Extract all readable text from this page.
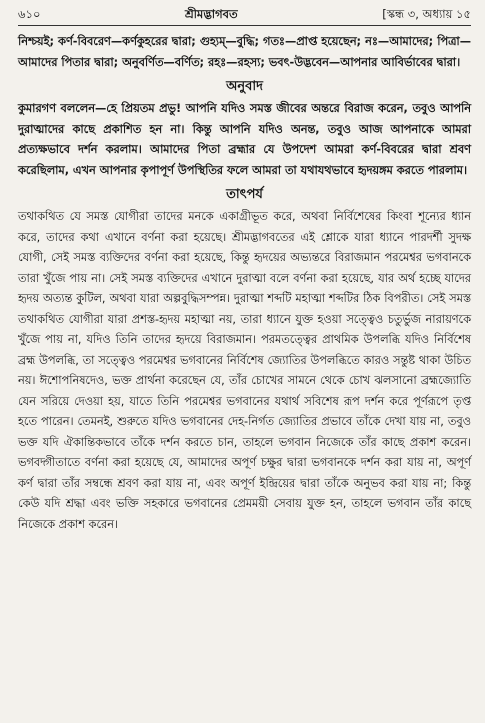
৬১০	শ্রীমদ্ভাগবত	[স্কন্ধ ৩, অধ্যায় ১৫

নিশ্চয়ই; কর্ণ-বিবরেণ—কর্ণকুহরের দ্বারা; গুহ্যম্—বুদ্ধি; গতঃ—প্রাপ্ত হয়েছেন; নঃ—আমাদের; পিত্রা—আমাদের পিতার দ্বারা; অনুবর্ণিত—বর্ণিত; রহঃ—রহস্য; ভবৎ-উদ্ভবেন—আপনার আবির্ভাবের দ্বারা।

অনুবাদ

কুমারগণ বললেন—হে প্রিয়তম প্রভু! আপনি যদিও সমস্ত জীবের অন্তরে বিরাজ করেন, তবুও আপনি দুরাত্মাদের কাছে প্রকাশিত হন না। কিন্তু আপনি যদিও অনন্ত, তবুও আজ আপনাকে আমরা প্রত্যক্ষভাবে দর্শন করলাম। আমাদের পিতা ব্রহ্মার যে উপদেশ আমরা কর্ণ-বিবরের দ্বারা শ্রবণ করেছিলাম, এখন আপনার কৃপাপূর্ণ উপস্থিতির ফলে আমরা তা যথাযথভাবে হৃদয়ঙ্গম করতে পারলাম।

তাৎপর্য

তথাকথিত যে সমস্ত যোগীরা তাদের মনকে একাগ্রীভূত করে, অথবা নির্বিশেষের কিংবা শূন্যের ধ্যান করে, তাদের কথা এখানে বর্ণনা করা হয়েছে। শ্রীমদ্ভাগবতের এই শ্লোকে যারা ধ্যানে পারদর্শী সুদক্ষ যোগী, সেই সমস্ত ব্যক্তিদের বর্ণনা করা হয়েছে, কিন্তু হৃদয়ের অভ্যন্তরে বিরাজমান পরমেশ্বর ভগবানকে তারা খুঁজে পায় না। সেই সমস্ত ব্যক্তিদের এখানে দুরাত্মা বলে বর্ণনা করা হয়েছে, যার অর্থ হচ্ছে যাদের হৃদয় অত্যন্ত কুটিল, অথবা যারা অল্পবুদ্ধিসম্পন্ন। দুরাত্মা শব্দটি মহাত্মা শব্দটির ঠিক বিপরীত। সেই সমস্ত তথাকথিত যোগীরা যারা প্রশস্ত-হৃদয় মহাত্মা নয়, তারা ধ্যানে যুক্ত হওয়া সত্ত্বেও চতুর্ভুজ নারায়ণকে খুঁজে পায় না, যদিও তিনি তাদের হৃদয়ে বিরাজমান। পরমতত্ত্বের প্রাথমিক উপলব্ধি যদিও নির্বিশেষ ব্রহ্ম উপলব্ধি, তা সত্ত্বেও পরমেশ্বর ভগবানের নির্বিশেষ জ্যোতির উপলব্ধিতে কারও সন্তুষ্ট থাকা উচিত নয়। ঈশোপনিষদেও, ভক্ত প্রার্থনা করেছেন যে, তাঁর চোখের সামনে থেকে চোখ ঝলসানো ব্রহ্মজ্যোতি যেন সরিয়ে দেওয়া হয়, যাতে তিনি পরমেশ্বর ভগবানের যথার্থ সবিশেষ রূপ দর্শন করে পূর্ণরূপে তৃপ্ত হতে পারেন। তেমনই, শুরুতে যদিও ভগবানের দেহ-নির্গত জ্যোতির প্রভাবে তাঁকে দেখা যায় না, তবুও ভক্ত যদি ঐকান্তিকভাবে তাঁকে দর্শন করতে চান, তাহলে ভগবান নিজেকে তাঁর কাছে প্রকাশ করেন। ভগবদ্গীতাতে বর্ণনা করা হয়েছে যে, আমাদের অপূর্ণ চক্ষুর দ্বারা ভগবানকে দর্শন করা যায় না, অপূর্ণ কর্ণ দ্বারা তাঁর সম্বন্ধে শ্রবণ করা যায় না, এবং অপূর্ণ ইন্দ্রিয়ের দ্বারা তাঁকে অনুভব করা যায় না; কিন্তু কেউ যদি শ্রদ্ধা এবং ভক্তি সহকারে ভগবানের প্রেমময়ী সেবায় যুক্ত হন, তাহলে ভগবান তাঁর কাছে নিজেকে প্রকাশ করেন।
